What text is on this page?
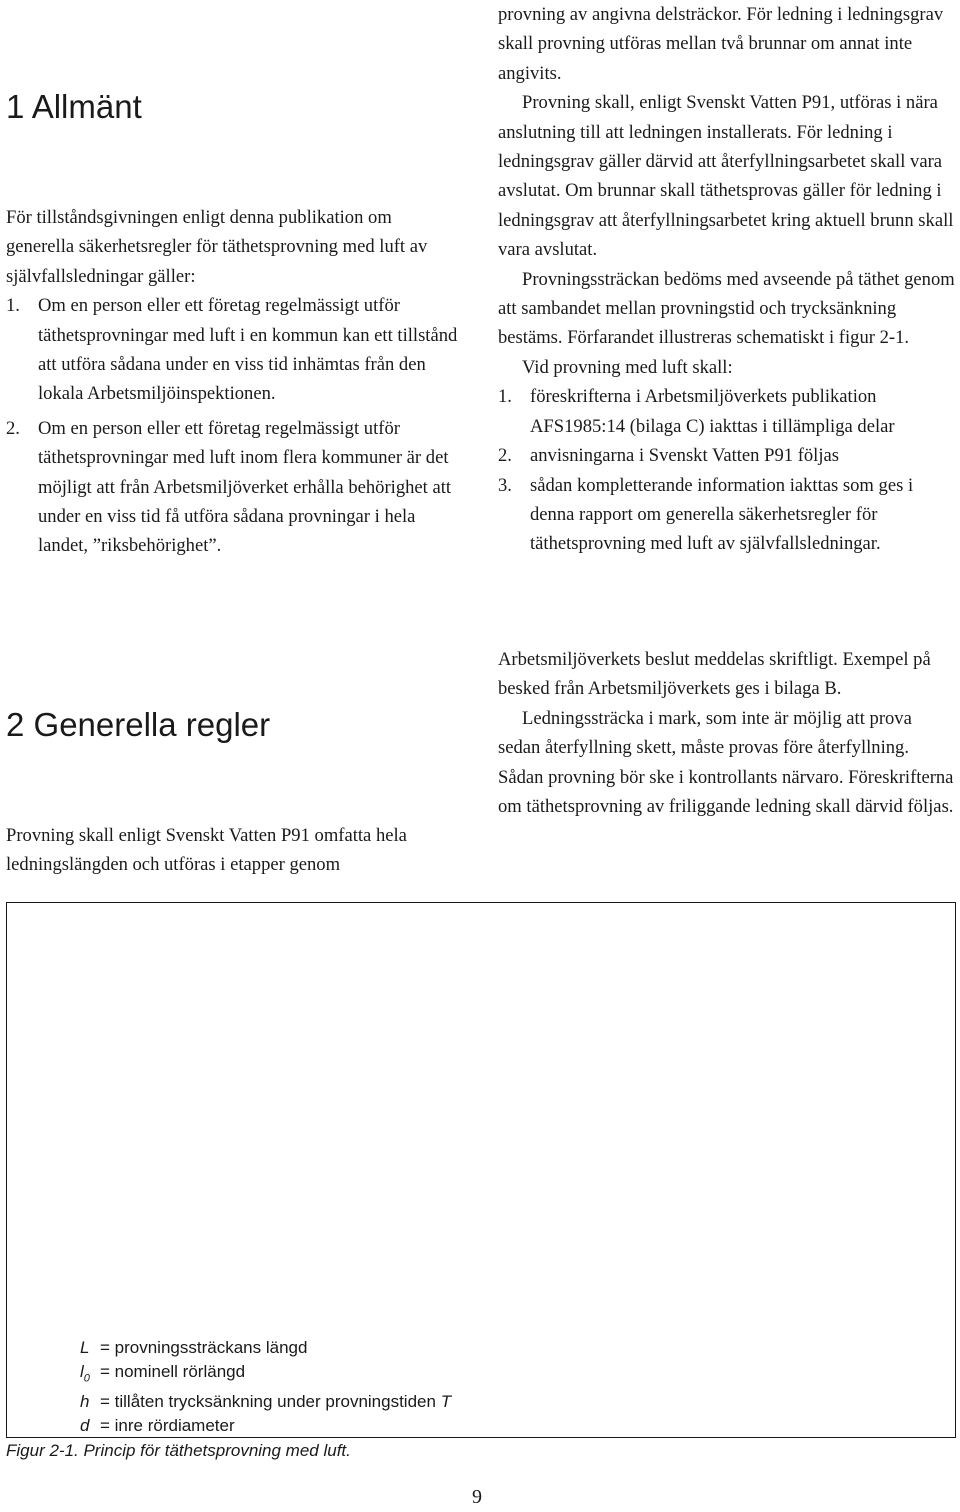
1 Allmänt

För tillståndsgivningen enligt denna publikation om generella säkerhetsregler för täthetsprovning med luft av självfallsledningar gäller:

1. Om en person eller ett företag regelmässigt utför täthetsprovningar med luft i en kommun kan ett tillstånd att utföra sådana under en viss tid inhämtas från den lokala Arbetsmiljöinspektionen.
2. Om en person eller ett företag regelmässigt utför täthetsprovningar med luft inom flera kommuner är det möjligt att från Arbetsmiljöverket erhålla behörighet att under en viss tid få utföra sådana provningar i hela landet, ”riksbehörighet”.
2 Generella regler

Provning skall enligt Svenskt Vatten P91 omfatta hela ledningslängden och utföras i etapper genom

provning av angivna delsträckor. För ledning i ledningsgrav skall provning utföras mellan två brunnar om annat inte angivits.

Provning skall, enligt Svenskt Vatten P91, utföras i nära anslutning till att ledningen installerats. För ledning i ledningsgrav gäller därvid att återfyllningsarbetet skall vara avslutat. Om brunnar skall täthetsprovas gäller för ledning i ledningsgrav att återfyllningsarbetet kring aktuell brunn skall vara avslutat.

Provningssträckan bedöms med avseende på täthet genom att sambandet mellan provningstid och trycksänkning bestäms. Förfarandet illustreras schematiskt i figur 2-1.

Vid provning med luft skall:

1. föreskrifterna i Arbetsmiljöverkets publikation AFS1985:14 (bilaga C) iakttas i tillämpliga delar
2. anvisningarna i Svenskt Vatten P91 följas
3. sådan kompletterande information iakttas som ges i denna rapport om generella säkerhetsregler för täthetsprovning med luft av självfallsledningar.

Arbetsmiljöverkets beslut meddelas skriftligt. Exempel på besked från Arbetsmiljöverkets ges i bilaga B.

Ledningssträcka i mark, som inte är möjlig att prova sedan återfyllning skett, måste provas före återfyllning. Sådan provning bör ske i kontrollants närvaro. Föreskrifterna om täthetsprovning av friliggande ledning skall därvid följas.

L = provningssträckans längd
$l_0$ = nominell rörlängd
h = tillåten trycksänkning under provningstiden T
d = inre rördiameter
Figur 2-1. Princip för täthetsprovning med luft.
9
